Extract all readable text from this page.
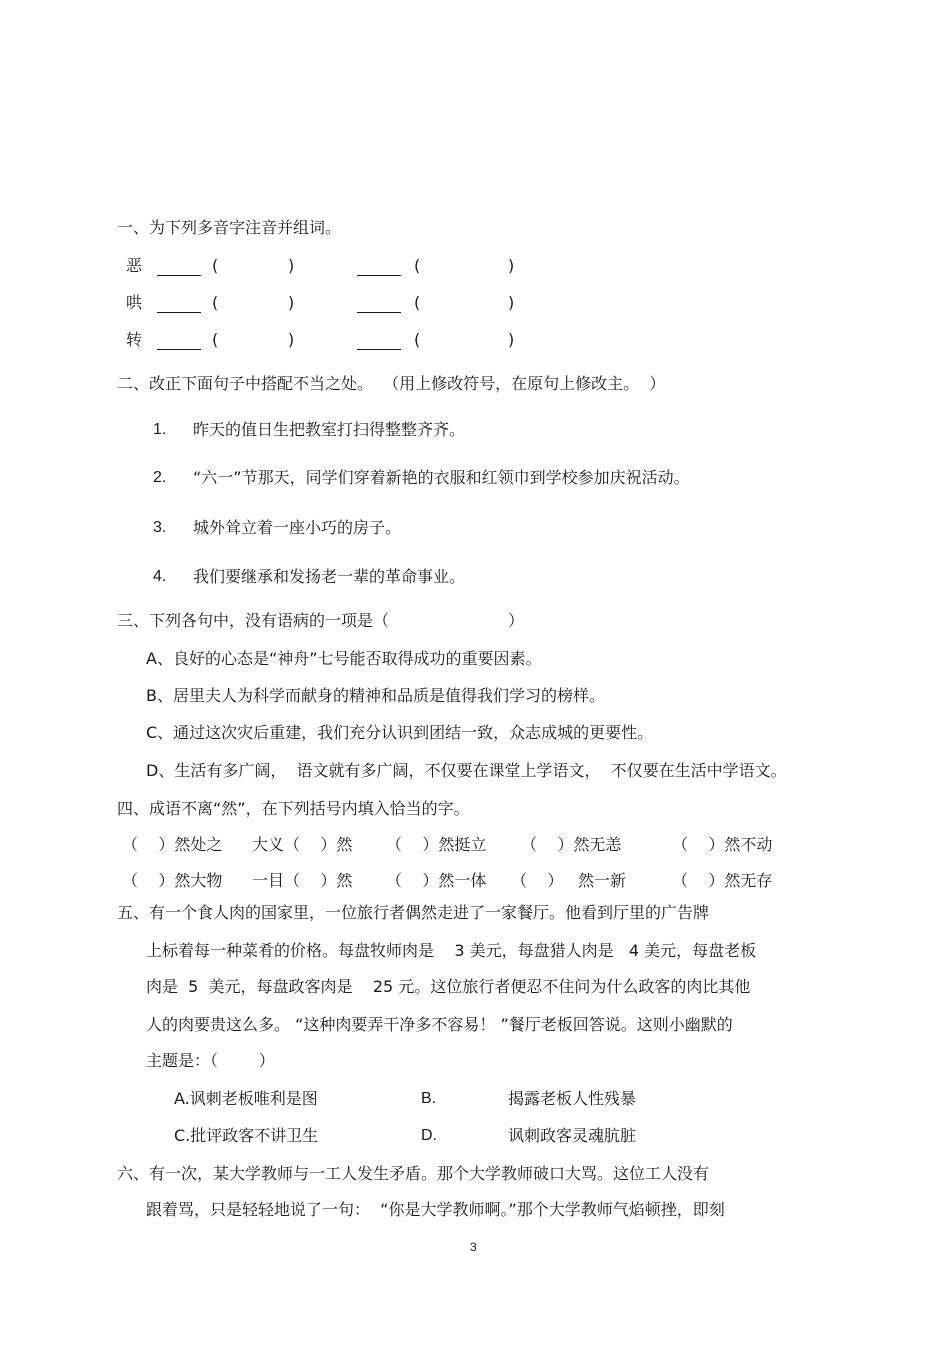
一、为下列多音字注音并组词。
恶	(	)	(	)
哄	(	)	(	)
转	(	)	(	)
二、改正下面句子中搭配不当之处。  （用上修改符号，在原句上修改主。  ）
1. 昨天的值日生把教室打扫得整整齐齐。
2. “六一”节那天，同学们穿着新艳的衣服和红领巾到学校参加庆祝活动。
3. 城外耸立着一座小巧的房子。
4. 我们要继承和发扬老一辈的革命事业。
三、下列各句中，没有语病的一项是（	）
A、良好的心态是“神舟”七号能否取得成功的重要因素。
B、居里夫人为科学而献身的精神和品质是值得我们学习的榜样。
C、通过这次灾后重建，我们充分认识到团结一致，众志成城的更要性。
D、生活有多广阔，  语文就有多广阔，不仅要在课堂上学语文，  不仅要在生活中学语文。
四、成语不离“然”，在下列括号内填入恰当的字。
（    ）然处之 大义（    ）然 （    ）然挺立 （    ）然无恙	（    ）然不动
（    ）然大物 一目（    ）然 （    ）然一体 （    ） 然一新	（    ）然无存
五、有一个食人肉的国家里，一位旅行者偶然走进了一家餐厅。他看到厅里的广告牌
上标着每一种菜肴的价格。每盘牧师肉是    3 美元，每盘猎人肉是   4 美元，每盘老板
肉是  5  美元，每盘政客肉是    25 元。这位旅行者便忍不住问为什么政客的肉比其他
人的肉要贵这么多。 “这种肉要弄干净多不容易！ ”餐厅老板回答说。这则小幽默的
主题是：（        ）
A.讽刺老板唯利是图	B.	揭露老板人性残暴
C.批评政客不讲卫生	D.	讽刺政客灵魂肮脏
六、有一次，某大学教师与一工人发生矛盾。那个大学教师破口大骂。这位工人没有
跟着骂，只是轻轻地说了一句：  “你是大学教师啊。”那个大学教师气焰顿挫，即刻
3
